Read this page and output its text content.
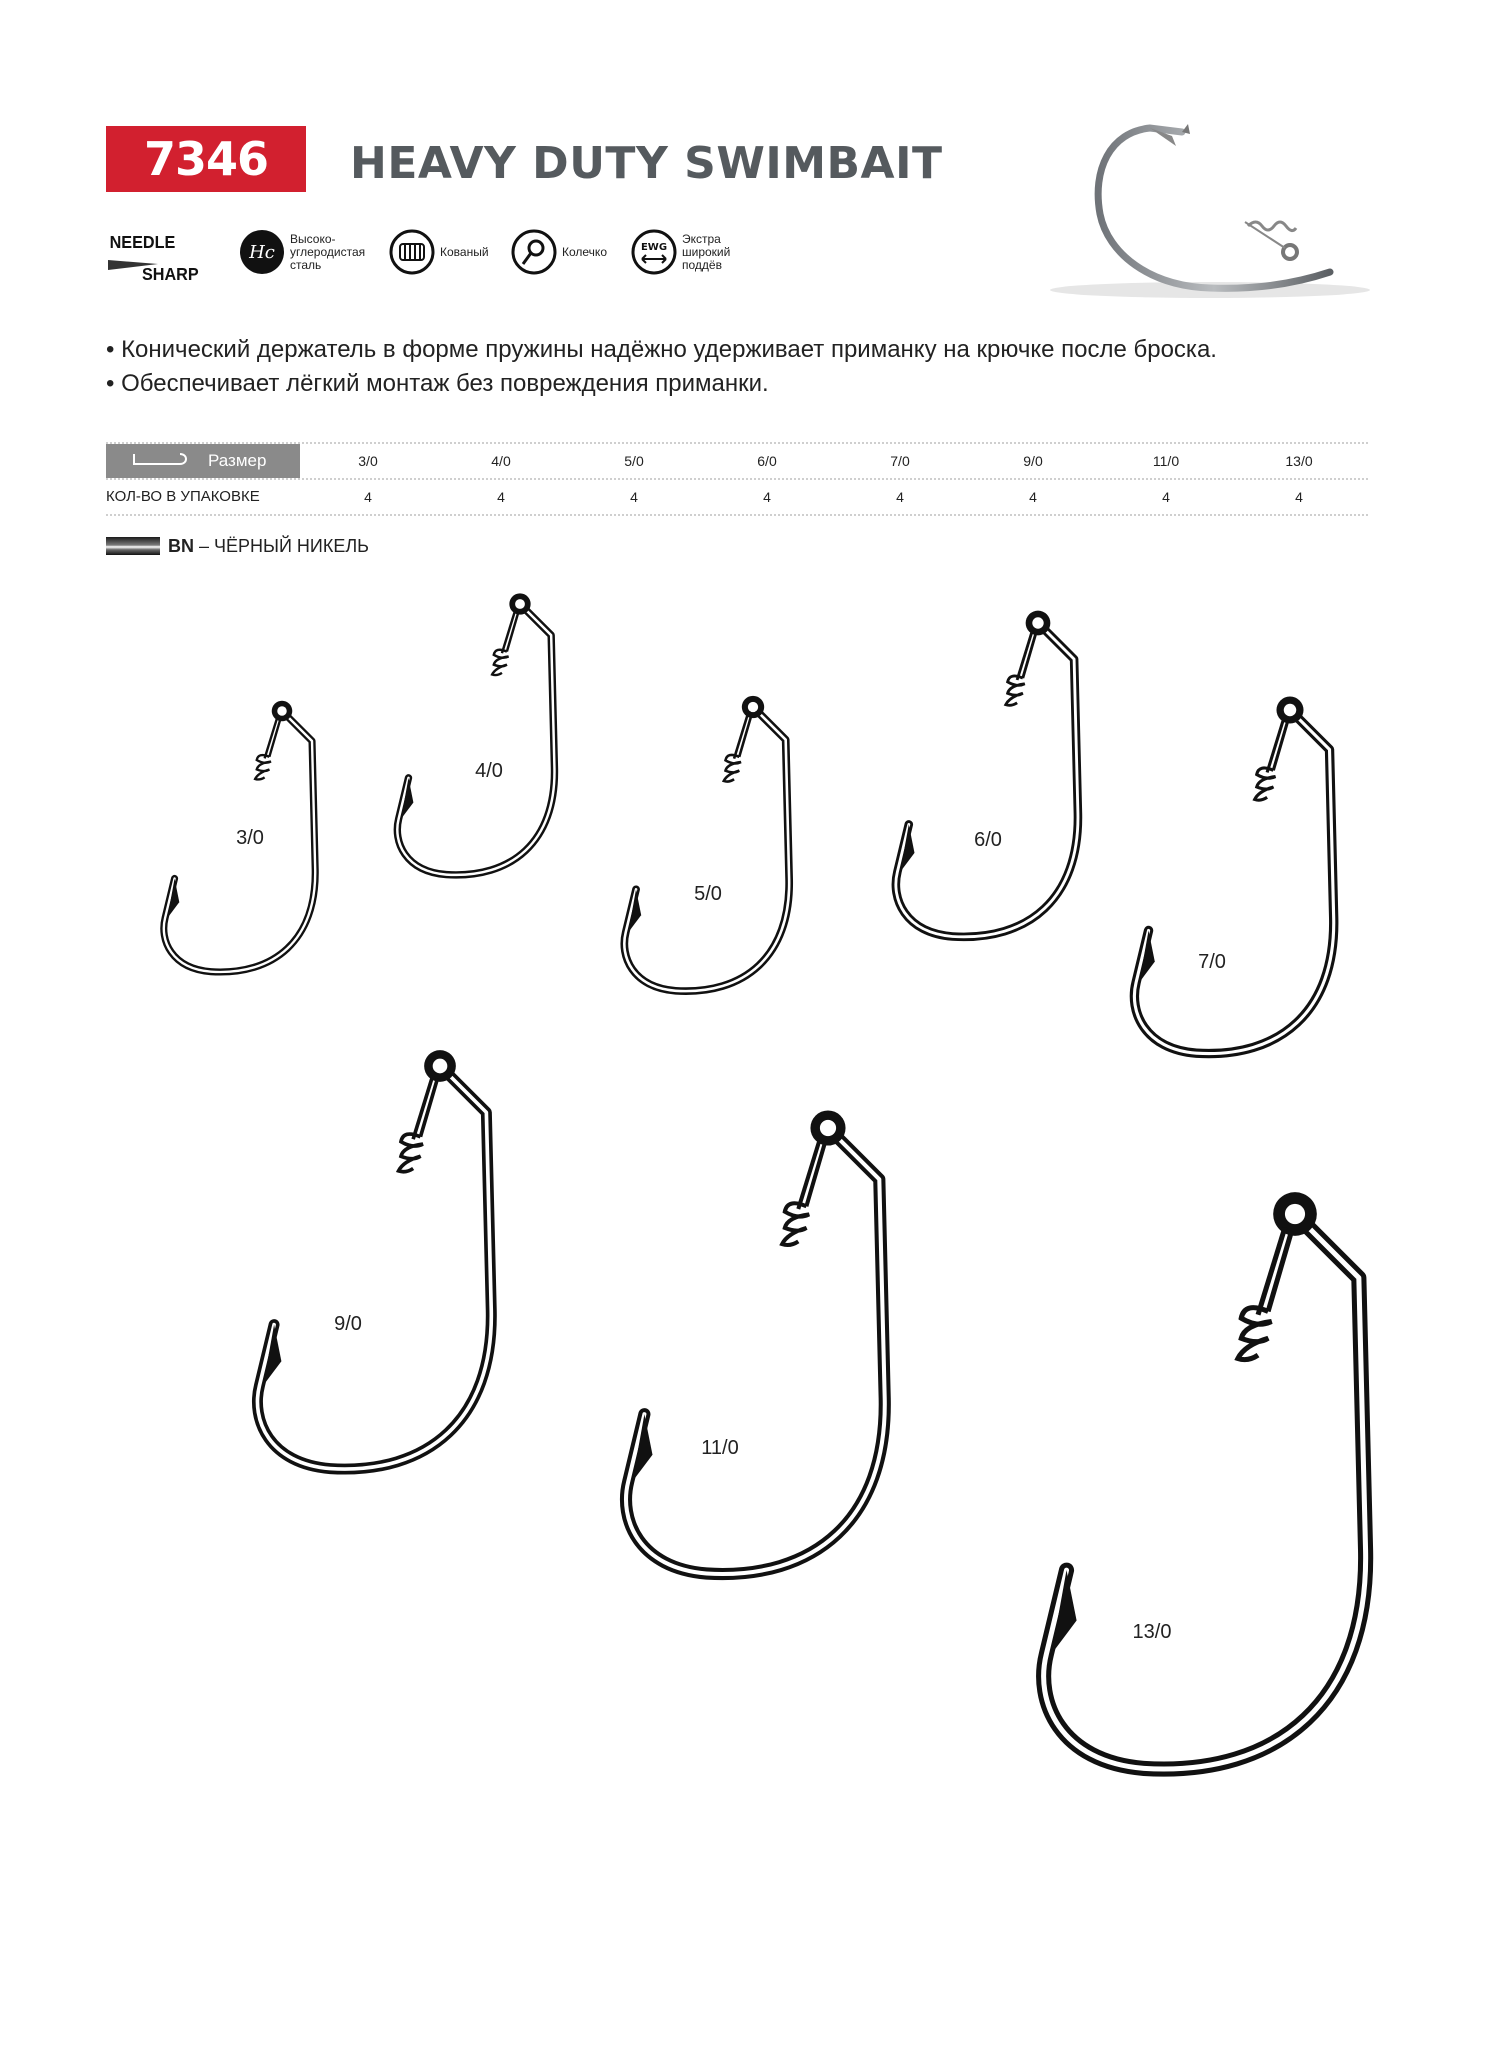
7346 SB
HEAVY DUTY SWIMBAIT
NEEDLE
SHARP
Hc
Высоко-
углеродистая
сталь
Кованый	Колечко	EWG
Экстра
широкий
поддёв
• Конический держатель в форме пружины надёжно удерживает приманку на крючке после броска.
• Обеспечивает лёгкий монтаж без повреждения приманки.
Размер	3/0	4/0	5/0	6/0	7/0	9/0	11/0	13/0
КОЛ-ВО В УПАКОВКЕ	4	4	4	4	4	4	4	4
BN – ЧЁРНЫЙ НИКЕЛЬ
3/0
4/0
5/0
6/0
7/0
9/0
11/0
13/0
